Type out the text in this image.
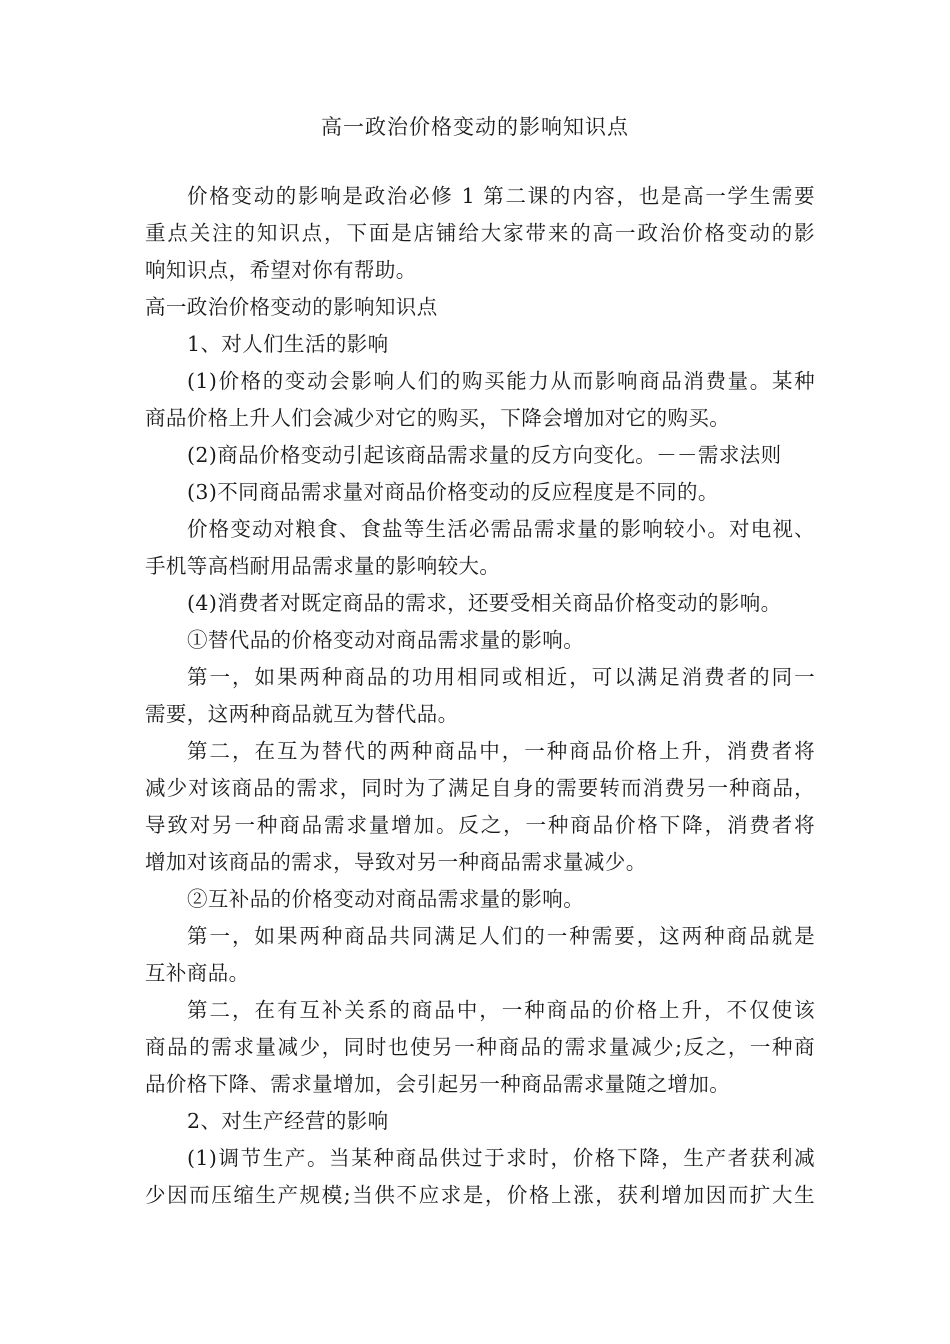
高一政治价格变动的影响知识点
价格变动的影响是政治必修 1 第二课的内容，也是高一学生需要
重点关注的知识点，下面是店铺给大家带来的高一政治价格变动的影
响知识点，希望对你有帮助。
高一政治价格变动的影响知识点
1、对人们生活的影响
(1)价格的变动会影响人们的购买能力从而影响商品消费量。某种
商品价格上升人们会减少对它的购买，下降会增加对它的购买。
(2)商品价格变动引起该商品需求量的反方向变化。－－需求法则
(3)不同商品需求量对商品价格变动的反应程度是不同的。
价格变动对粮食、食盐等生活必需品需求量的影响较小。对电视、
手机等高档耐用品需求量的影响较大。
(4)消费者对既定商品的需求，还要受相关商品价格变动的影响。
①替代品的价格变动对商品需求量的影响。
第一，如果两种商品的功用相同或相近，可以满足消费者的同一
需要，这两种商品就互为替代品。
第二，在互为替代的两种商品中，一种商品价格上升，消费者将
减少对该商品的需求，同时为了满足自身的需要转而消费另一种商品，
导致对另一种商品需求量增加。反之，一种商品价格下降，消费者将
增加对该商品的需求，导致对另一种商品需求量减少。
②互补品的价格变动对商品需求量的影响。
第一，如果两种商品共同满足人们的一种需要，这两种商品就是
互补商品。
第二，在有互补关系的商品中，一种商品的价格上升，不仅使该
商品的需求量减少，同时也使另一种商品的需求量减少;反之，一种商
品价格下降、需求量增加，会引起另一种商品需求量随之增加。
2、对生产经营的影响
(1)调节生产。当某种商品供过于求时，价格下降，生产者获利减
少因而压缩生产规模;当供不应求是，价格上涨，获利增加因而扩大生
